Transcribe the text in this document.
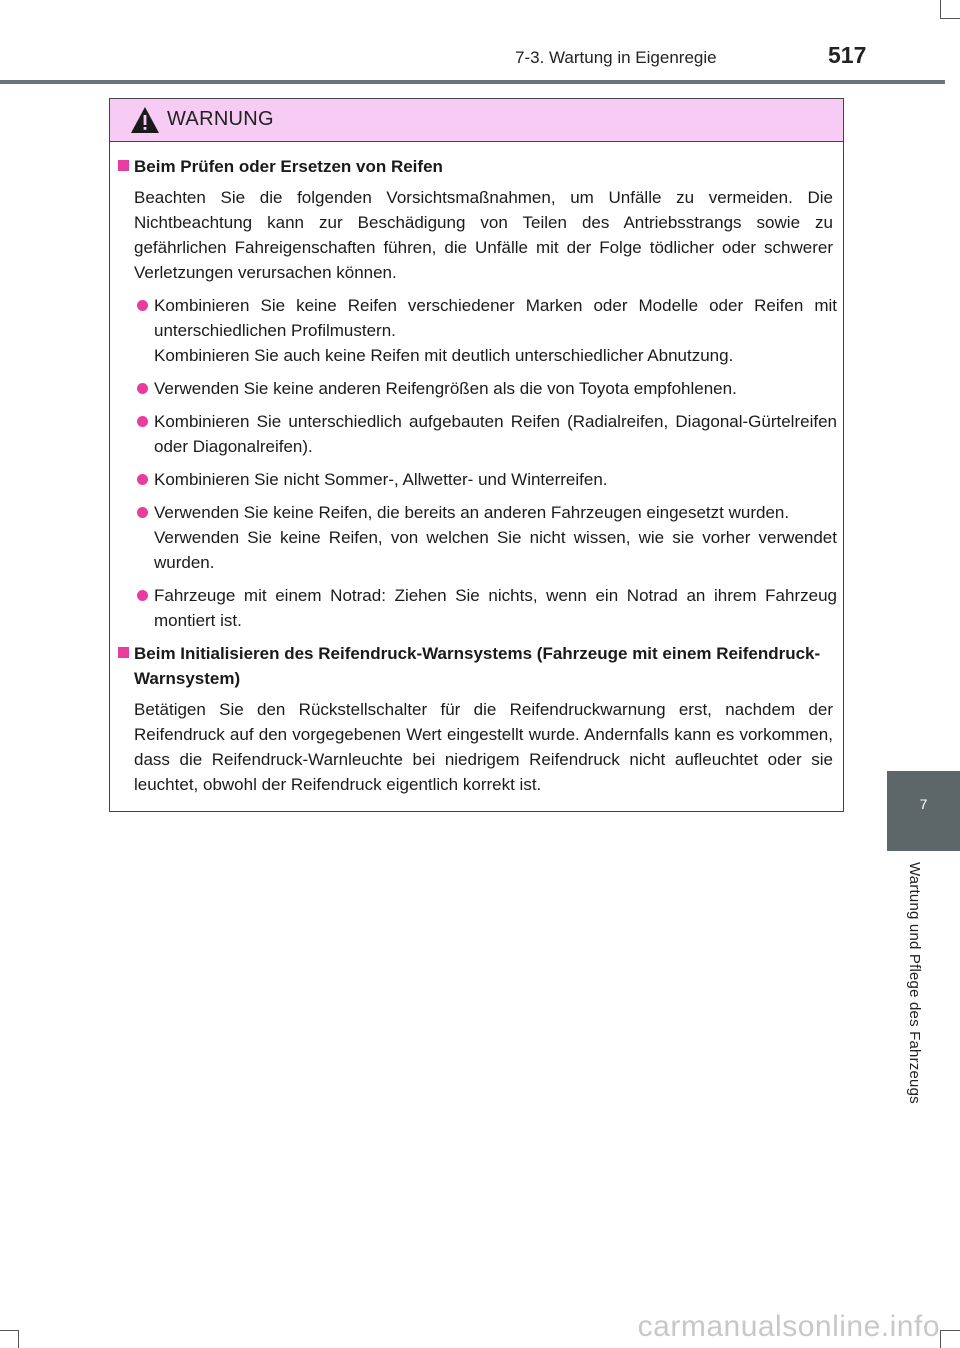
7-3. Wartung in Eigenregie	517
WARNUNG
Beim Prüfen oder Ersetzen von Reifen
Beachten Sie die folgenden Vorsichtsmaßnahmen, um Unfälle zu vermeiden. Die Nichtbeachtung kann zur Beschädigung von Teilen des Antriebsstrangs sowie zu gefährlichen Fahreigenschaften führen, die Unfälle mit der Folge tödlicher oder schwerer Verletzungen verursachen können.

Kombinieren Sie keine Reifen verschiedener Marken oder Modelle oder Reifen mit unterschiedlichen Profilmustern.

Kombinieren Sie auch keine Reifen mit deutlich unterschiedlicher Abnutzung.

Verwenden Sie keine anderen Reifengrößen als die von Toyota empfohlenen.

Kombinieren Sie unterschiedlich aufgebauten Reifen (Radialreifen, Diagonal-Gürtelreifen oder Diagonalreifen).

Kombinieren Sie nicht Sommer-, Allwetter- und Winterreifen.

Verwenden Sie keine Reifen, die bereits an anderen Fahrzeugen eingesetzt wurden.

Verwenden Sie keine Reifen, von welchen Sie nicht wissen, wie sie vorher verwendet wurden.

Fahrzeuge mit einem Notrad: Ziehen Sie nichts, wenn ein Notrad an ihrem Fahrzeug montiert ist.

Beim Initialisieren des Reifendruck-Warnsystems (Fahrzeuge mit einem Reifendruck-Warnsystem)
Betätigen Sie den Rückstellschalter für die Reifendruckwarnung erst, nachdem der Reifendruck auf den vorgegebenen Wert eingestellt wurde. Andernfalls kann es vorkommen, dass die Reifendruck-Warnleuchte bei niedrigem Reifendruck nicht aufleuchtet oder sie leuchtet, obwohl der Reifendruck eigentlich korrekt ist.
7
Wartung und Pflege des Fahrzeugs
carmanualsonline.info
